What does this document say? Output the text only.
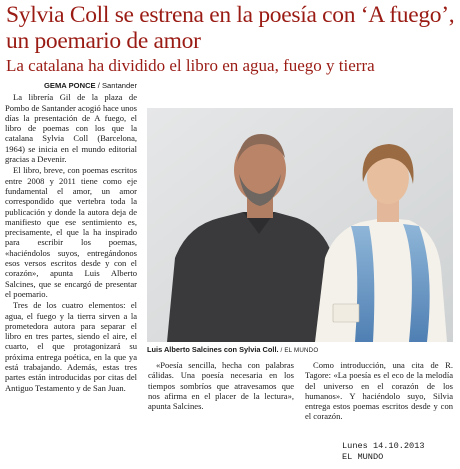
Sylvia Coll se estrena en la poesía con ‘A fuego’, un poemario de amor
La catalana ha dividido el libro en agua, fuego y tierra
GEMA PONCE / Santander

La librería Gil de la plaza de Pombo de Santander acogió hace unos días la presentación de A fuego, el libro de poemas con los que la catalana Sylvia Coll (Barcelona, 1964) se inicia en el mundo editorial gracias a Devenir.

El libro, breve, con poemas escritos entre 2008 y 2011 tiene como eje fundamental el amor, un amor correspondido que vertebra toda la publicación y donde la autora deja de manifiesto que ese sentimiento es, precisamente, el que la ha inspirado para escribir los poemas, «haciéndolos suyos, entregándonos esos versos escritos desde y con el corazón», apunta Luis Alberto Salcines, que se encargó de presentar el poemario.

Tres de los cuatro elementos: el agua, el fuego y la tierra sirven a la prometedora autora para separar el libro en tres partes, siendo el aire, el cuarto, el que protagonizará su próxima entrega poética, en la que ya está trabajando. Además, estas tres partes están introducidas por citas del Antiguo Testamento y de San Juan.

Luis Alberto Salcines con Sylvia Coll. / EL MUNDO

«Poesía sencilla, hecha con palabras cálidas. Una poesía necesaria en los tiempos sombríos que atravesamos que nos afirma en el placer de la lectura», apunta Salcines.

Como introducción, una cita de R. Tagore: «La poesía es el eco de la melodía del universo en el corazón de los humanos». Y haciéndolo suyo, Silvia entrega estos poemas escritos desde y con el corazón.

Lunes 14.10.2013
EL MUNDO
